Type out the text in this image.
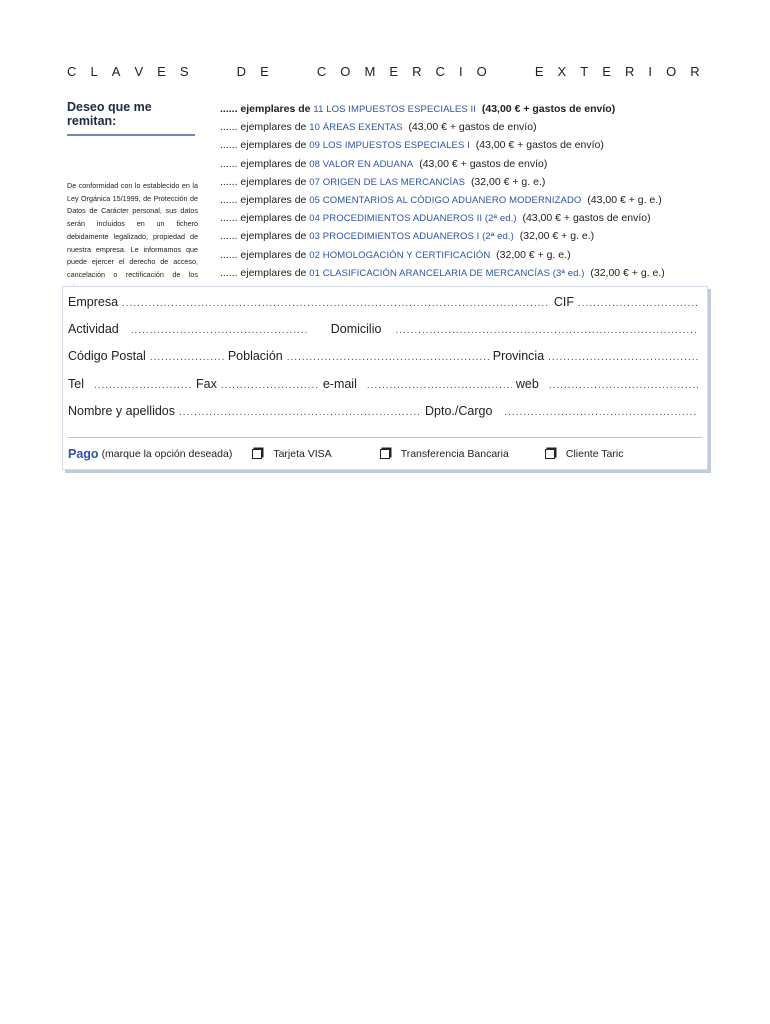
C L A V E S	D E	C O M E R C I O	E X T E R I O R
Deseo que me remitan:
De conformidad con lo establecido en la Ley Orgánica 15/1999, de Protección de Datos de Carácter personal, sus datos serán incluidos en un fichero debidamente legalizado, propiedad de nuestra empresa. Le informamos que puede ejercer el derecho de acceso, cancelación o rectificación de los
...... ejemplares de 11 LOS IMPUESTOS ESPECIALES II (43,00 € + gastos de envío)
...... ejemplares de 10 ÁREAS EXENTAS (43,00 € + gastos de envío)
...... ejemplares de 09 LOS IMPUESTOS ESPECIALES I (43,00 € + gastos de envío)
...... ejemplares de 08 VALOR EN ADUANA (43,00 € + gastos de envío)
...... ejemplares de 07 ORIGEN DE LAS MERCANCÍAS (32,00 € + g. e.)
...... ejemplares de 05 COMENTARIOS AL CÓDIGO ADUANERO MODERNIZADO (43,00 € + g. e.)
...... ejemplares de 04 PROCEDIMIENTOS ADUANEROS II (2ª ed.) (43,00 € + gastos de envío)
...... ejemplares de 03 PROCEDIMIENTOS ADUANEROS I (2ª ed.) (32,00 € + g. e.)
...... ejemplares de 02 HOMOLOGACIÓN Y CERTIFICACIÓN (32,00 € + g. e.)
...... ejemplares de 01 CLASIFICACIÓN ARANCELARIA DE MERCANCÍAS (3ª ed.) (32,00 € + g. e.)
Empresa .....	CIF
.....
Actividad .....	Domicilio
.....
Código Postal .....	Población .....	Provincia
.....
Tel .....	Fax .....	e-mail .....	web
.....
Nombre y apellidos .....	Dpto./Cargo
.....
Pago (marque la opción deseada)	Tarjeta VISA	Transferencia Bancaria	Cliente Taric
